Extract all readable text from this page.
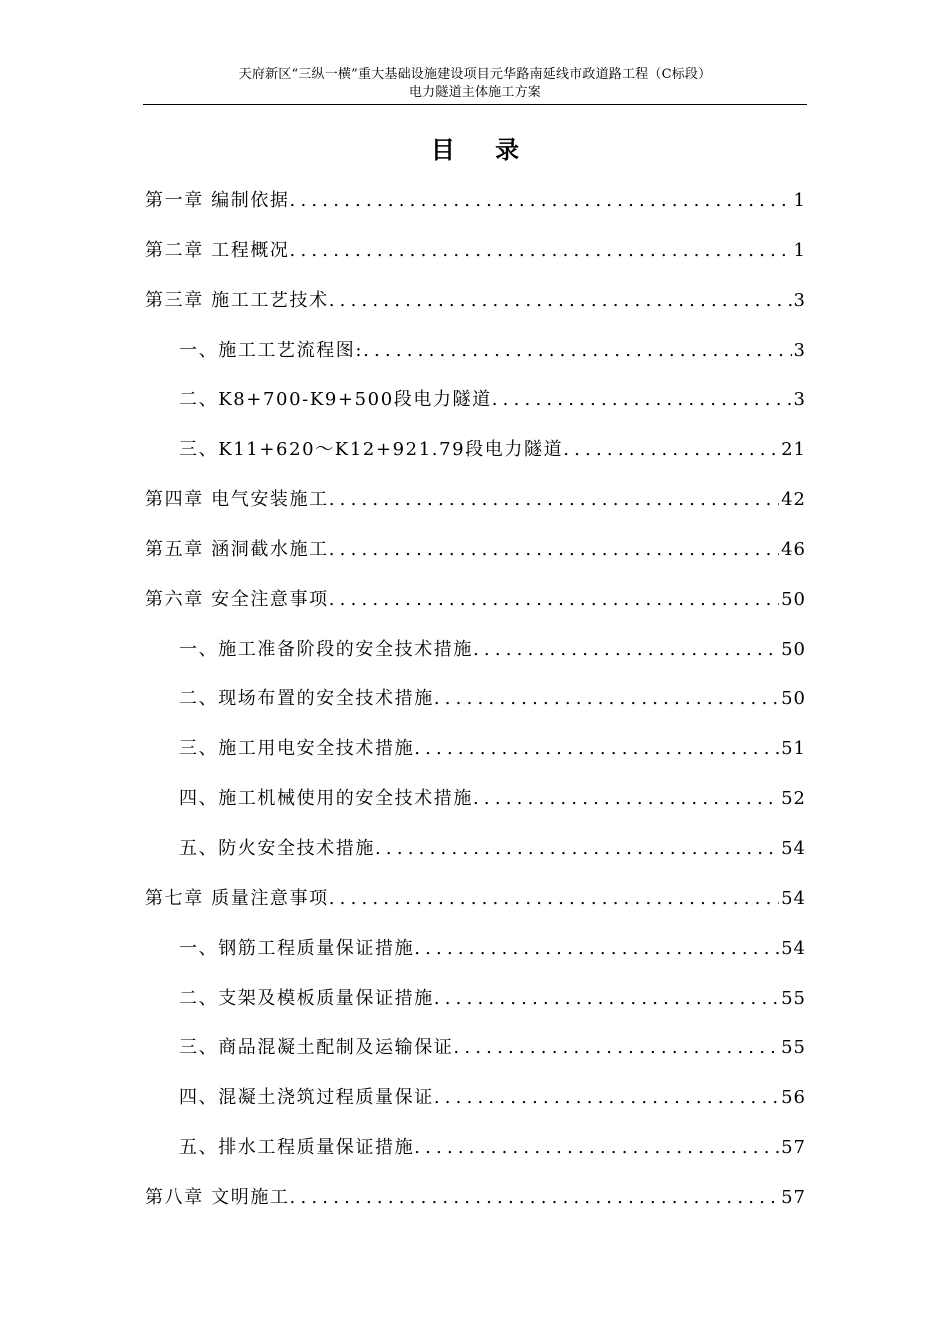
天府新区“三纵一横”重大基础设施建设项目元华路南延线市政道路工程（C标段）
电力隧道主体施工方案
目 录
第一章 编制依据 .....	1
第二章 工程概况 .....	1
第三章 施工工艺技术 .....	3
一、施工工艺流程图: .....	3
二、K8+700-K9+500段电力隧道 .....	3
三、K11+620～K12+921.79段电力隧道 .....	21
第四章 电气安装施工 .....	42
第五章 涵洞截水施工 .....	46
第六章 安全注意事项 .....	50
一、施工准备阶段的安全技术措施 .....	50
二、现场布置的安全技术措施 .....	50
三、施工用电安全技术措施 .....	51
四、施工机械使用的安全技术措施 .....	52
五、防火安全技术措施 .....	54
第七章 质量注意事项 .....	54
一、钢筋工程质量保证措施 .....	54
二、支架及模板质量保证措施 .....	55
三、商品混凝土配制及运输保证 .....	55
四、混凝土浇筑过程质量保证 .....	56
五、排水工程质量保证措施 .....	57
第八章 文明施工 .....	57
